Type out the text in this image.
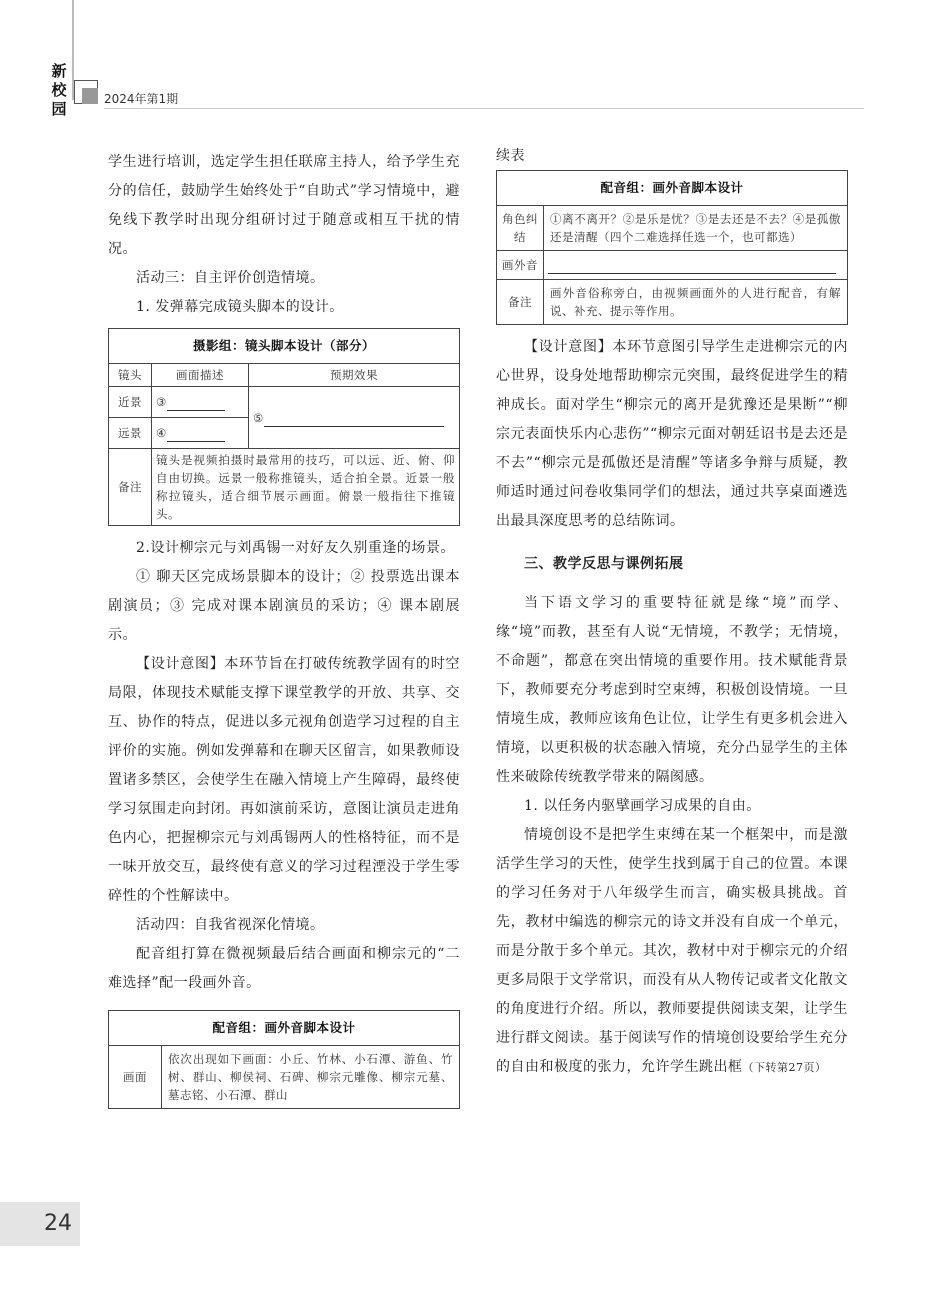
新
校
园
2024年第1期

学生进行培训，选定学生担任联席主持人，给予学生充分的信任，鼓励学生始终处于“自助式”学习情境中，避免线下教学时出现分组研讨过于随意或相互干扰的情况。

活动三：自主评价创造情境。

1. 发弹幕完成镜头脚本的设计。

摄影组：镜头脚本设计（部分）		
镜头	画面描述	预期效果
近景	③	⑤
远景	④	
备注	镜头是视频拍摄时最常用的技巧，可以远、近、俯、仰自由切换。远景一般称推镜头，适合拍全景。近景一般称拉镜头，适合细节展示画面。俯景一般指往下推镜头。	

2.设计柳宗元与刘禹锡一对好友久别重逢的场景。

① 聊天区完成场景脚本的设计；② 投票选出课本剧演员；③ 完成对课本剧演员的采访；④ 课本剧展示。

【设计意图】本环节旨在打破传统教学固有的时空局限，体现技术赋能支撑下课堂教学的开放、共享、交互、协作的特点，促进以多元视角创造学习过程的自主评价的实施。例如发弹幕和在聊天区留言，如果教师设置诸多禁区，会使学生在融入情境上产生障碍，最终使学习氛围走向封闭。再如演前采访，意图让演员走进角色内心，把握柳宗元与刘禹锡两人的性格特征，而不是一味开放交互，最终使有意义的学习过程湮没于学生零碎性的个性解读中。

活动四：自我省视深化情境。

配音组打算在微视频最后结合画面和柳宗元的“二难选择”配一段画外音。

配音组：画外音脚本设计
画面	依次出现如下画面：小丘、竹林、小石潭、游鱼、竹树、群山、柳侯祠、石碑、柳宗元雕像、柳宗元墓、墓志铭、小石潭、群山

续表

配音组：画外音脚本设计	
角色纠结	①离不离开？②是乐是忧？③是去还是不去？④是孤傲还是清醒（四个二难选择任选一个，也可都选）
画外音	
备注	画外音俗称旁白，由视频画面外的人进行配音，有解说、补充、提示等作用。

【设计意图】本环节意图引导学生走进柳宗元的内心世界，设身处地帮助柳宗元突围，最终促进学生的精神成长。面对学生“柳宗元的离开是犹豫还是果断”“柳宗元表面快乐内心悲伤”“柳宗元面对朝廷诏书是去还是不去”“柳宗元是孤傲还是清醒”等诸多争辩与质疑，教师适时通过问卷收集同学们的想法，通过共享桌面遴选出最具深度思考的总结陈词。

三、教学反思与课例拓展

当下语文学习的重要特征就是缘“境”而学、缘“境”而教，甚至有人说“无情境，不教学；无情境，不命题”，都意在突出情境的重要作用。技术赋能背景下，教师要充分考虑到时空束缚，积极创设情境。一旦情境生成，教师应该角色让位，让学生有更多机会进入情境，以更积极的状态融入情境，充分凸显学生的主体性来破除传统教学带来的隔阂感。

1. 以任务内驱擘画学习成果的自由。

情境创设不是把学生束缚在某一个框架中，而是激活学生学习的天性，使学生找到属于自己的位置。本课的学习任务对于八年级学生而言，确实极具挑战。首先，教材中编选的柳宗元的诗文并没有自成一个单元，而是分散于多个单元。其次，教材中对于柳宗元的介绍更多局限于文学常识，而没有从人物传记或者文化散文的角度进行介绍。所以，教师要提供阅读支架，让学生进行群文阅读。基于阅读写作的情境创设要给学生充分的自由和极度的张力，允许学生跳出框（下转第27页）

24
